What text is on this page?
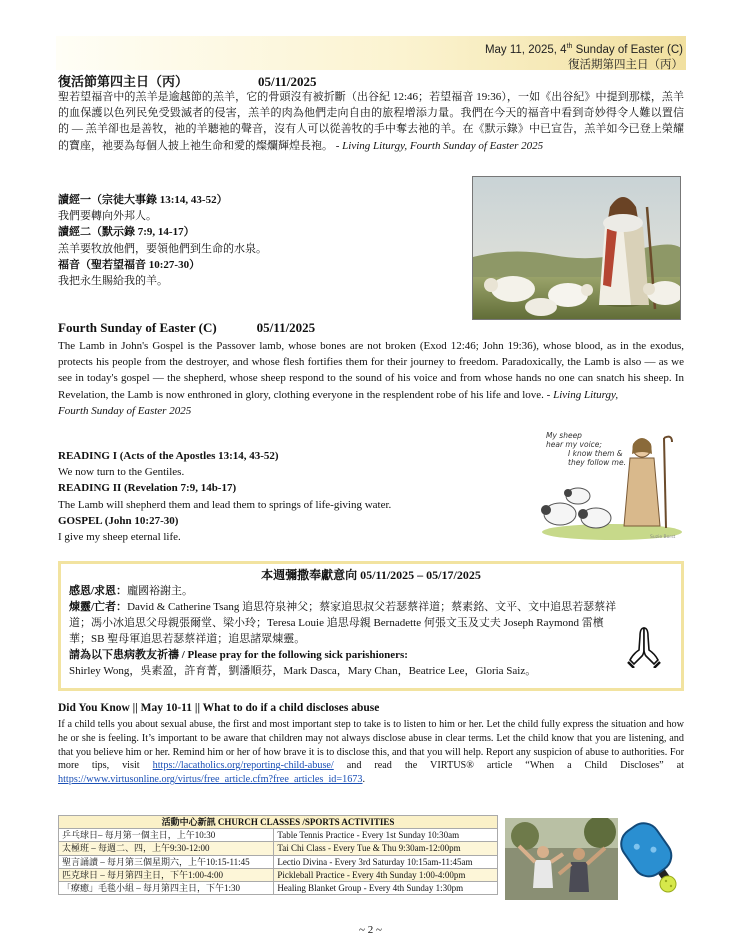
May 11, 2025, 4th Sunday of Easter (C)
復活期第四主日（丙）
復活節第四主日（丙）	05/11/2025
聖若望福音中的羔羊是逾越節的羔羊，它的骨頭沒有被折斷（出谷紀 12:46；若望福音 19:36），一如《出谷紀》中提到那樣，羔羊的血保護以色列民免受毀滅者的侵害，羔羊的肉為他們走向自由的旅程增添力量。我們在今天的福音中看到奇妙得令人難以置信的 — 羔羊卻也是善牧，祂的羊聽祂的聲音，沒有人可以從善牧的手中奪去祂的羊。在《默示錄》中已宣告，羔羊如今已登上榮耀的寶座，祂要為每個人披上祂生命和愛的燦爛輝煌長袍。 - Living Liturgy, Fourth Sunday of Easter 2025
讀經一（宗徒大事錄 13:14, 43-52）
我們要轉向外邦人。
讀經二（默示錄 7:9, 14-17）
羔羊要牧放他們，要領他們到生命的水泉。
福音（聖若望福音 10:27-30）
我把永生賜給我的羊。
Fourth Sunday of Easter (C)	05/11/2025
The Lamb in John's Gospel is the Passover lamb, whose bones are not broken (Exod 12:46; John 19:36), whose blood, as in the exodus, protects his people from the destroyer, and whose flesh fortifies them for their journey to freedom. Paradoxically, the Lamb is also — as we see in today's gospel — the shepherd, whose sheep respond to the sound of his voice and from whose hands no one can snatch his sheep. In Revelation, the Lamb is now enthroned in glory, clothing everyone in the resplendent robe of his life and love. - Living Liturgy,
Fourth Sunday of Easter 2025
READING I (Acts of the Apostles 13:14, 43-52)
We now turn to the Gentiles.
READING II (Revelation 7:9, 14b-17)
The Lamb will shepherd them and lead them to springs of life-giving water.
GOSPEL (John 10:27-30)
I give my sheep eternal life.
My sheep
hear my voice;
I know them &
they follow me.
Suzie Borst
本週彌撒奉獻意向 05/11/2025 – 05/17/2025
感恩/求恩：龐國裕謝主。
煉靈/亡者：David & Catherine Tsang 追思符泉神父；蔡家追思叔父若瑟蔡祥道；蔡素銘、文平、文中追思若瑟蔡祥道；馮小冰追思父母親張爾堂、梁小玲；Teresa Louie 追思母親 Bernadette 何張文玉及丈夫 Joseph Raymond 雷檳華；SB 聖母軍追思若瑟蔡祥道；追思諸眾煉靈。
請為以下患病教友祈禱 / Please pray for the following sick parishioners:
Shirley Wong，吳素盈，許育菁，劉潘順芬，Mark Dasca，Mary Chan，Beatrice Lee，Gloria Saiz。
Did You Know || May 10-11 || What to do if a child discloses abuse
If a child tells you about sexual abuse, the first and most important step to take is to listen to him or her. Let the child fully express the situation and how he or she is feeling. It’s important to be aware that children may not always disclose abuse in clear terms. Let the child know that you are listening, and that you believe him or her. Remind him or her of how brave it is to disclose this, and that you will help. Report any suspicion of abuse to authorities. For more tips, visit https://lacatholics.org/reporting-child-abuse/ and read the VIRTUS® article “When a Child Discloses” at https://www.virtusonline.org/virtus/free_article.cfm?free_articles_id=1673.
活動中心新訊 CHURCH CLASSES /SPORTS ACTIVITIES	
乒乓球日– 每月第一個主日，上午10:30	Table Tennis Practice - Every 1st Sunday 10:30am
太極班 – 每週二、四，上午9:30-12:00	Tai Chi Class - Every Tue & Thu 9:30am-12:00pm
聖言誦讀 – 每月第三個星期六，上午10:15-11:45	Lectio Divina - Every 3rd Saturday 10:15am-11:45am
匹克球日 – 每月第四主日，下午1:00-4:00	Pickleball Practice - Every 4th Sunday 1:00-4:00pm
「療癒」毛毯小組 – 每月第四主日，下午1:30	Healing Blanket Group - Every 4th Sunday 1:30pm
~ 2 ~
